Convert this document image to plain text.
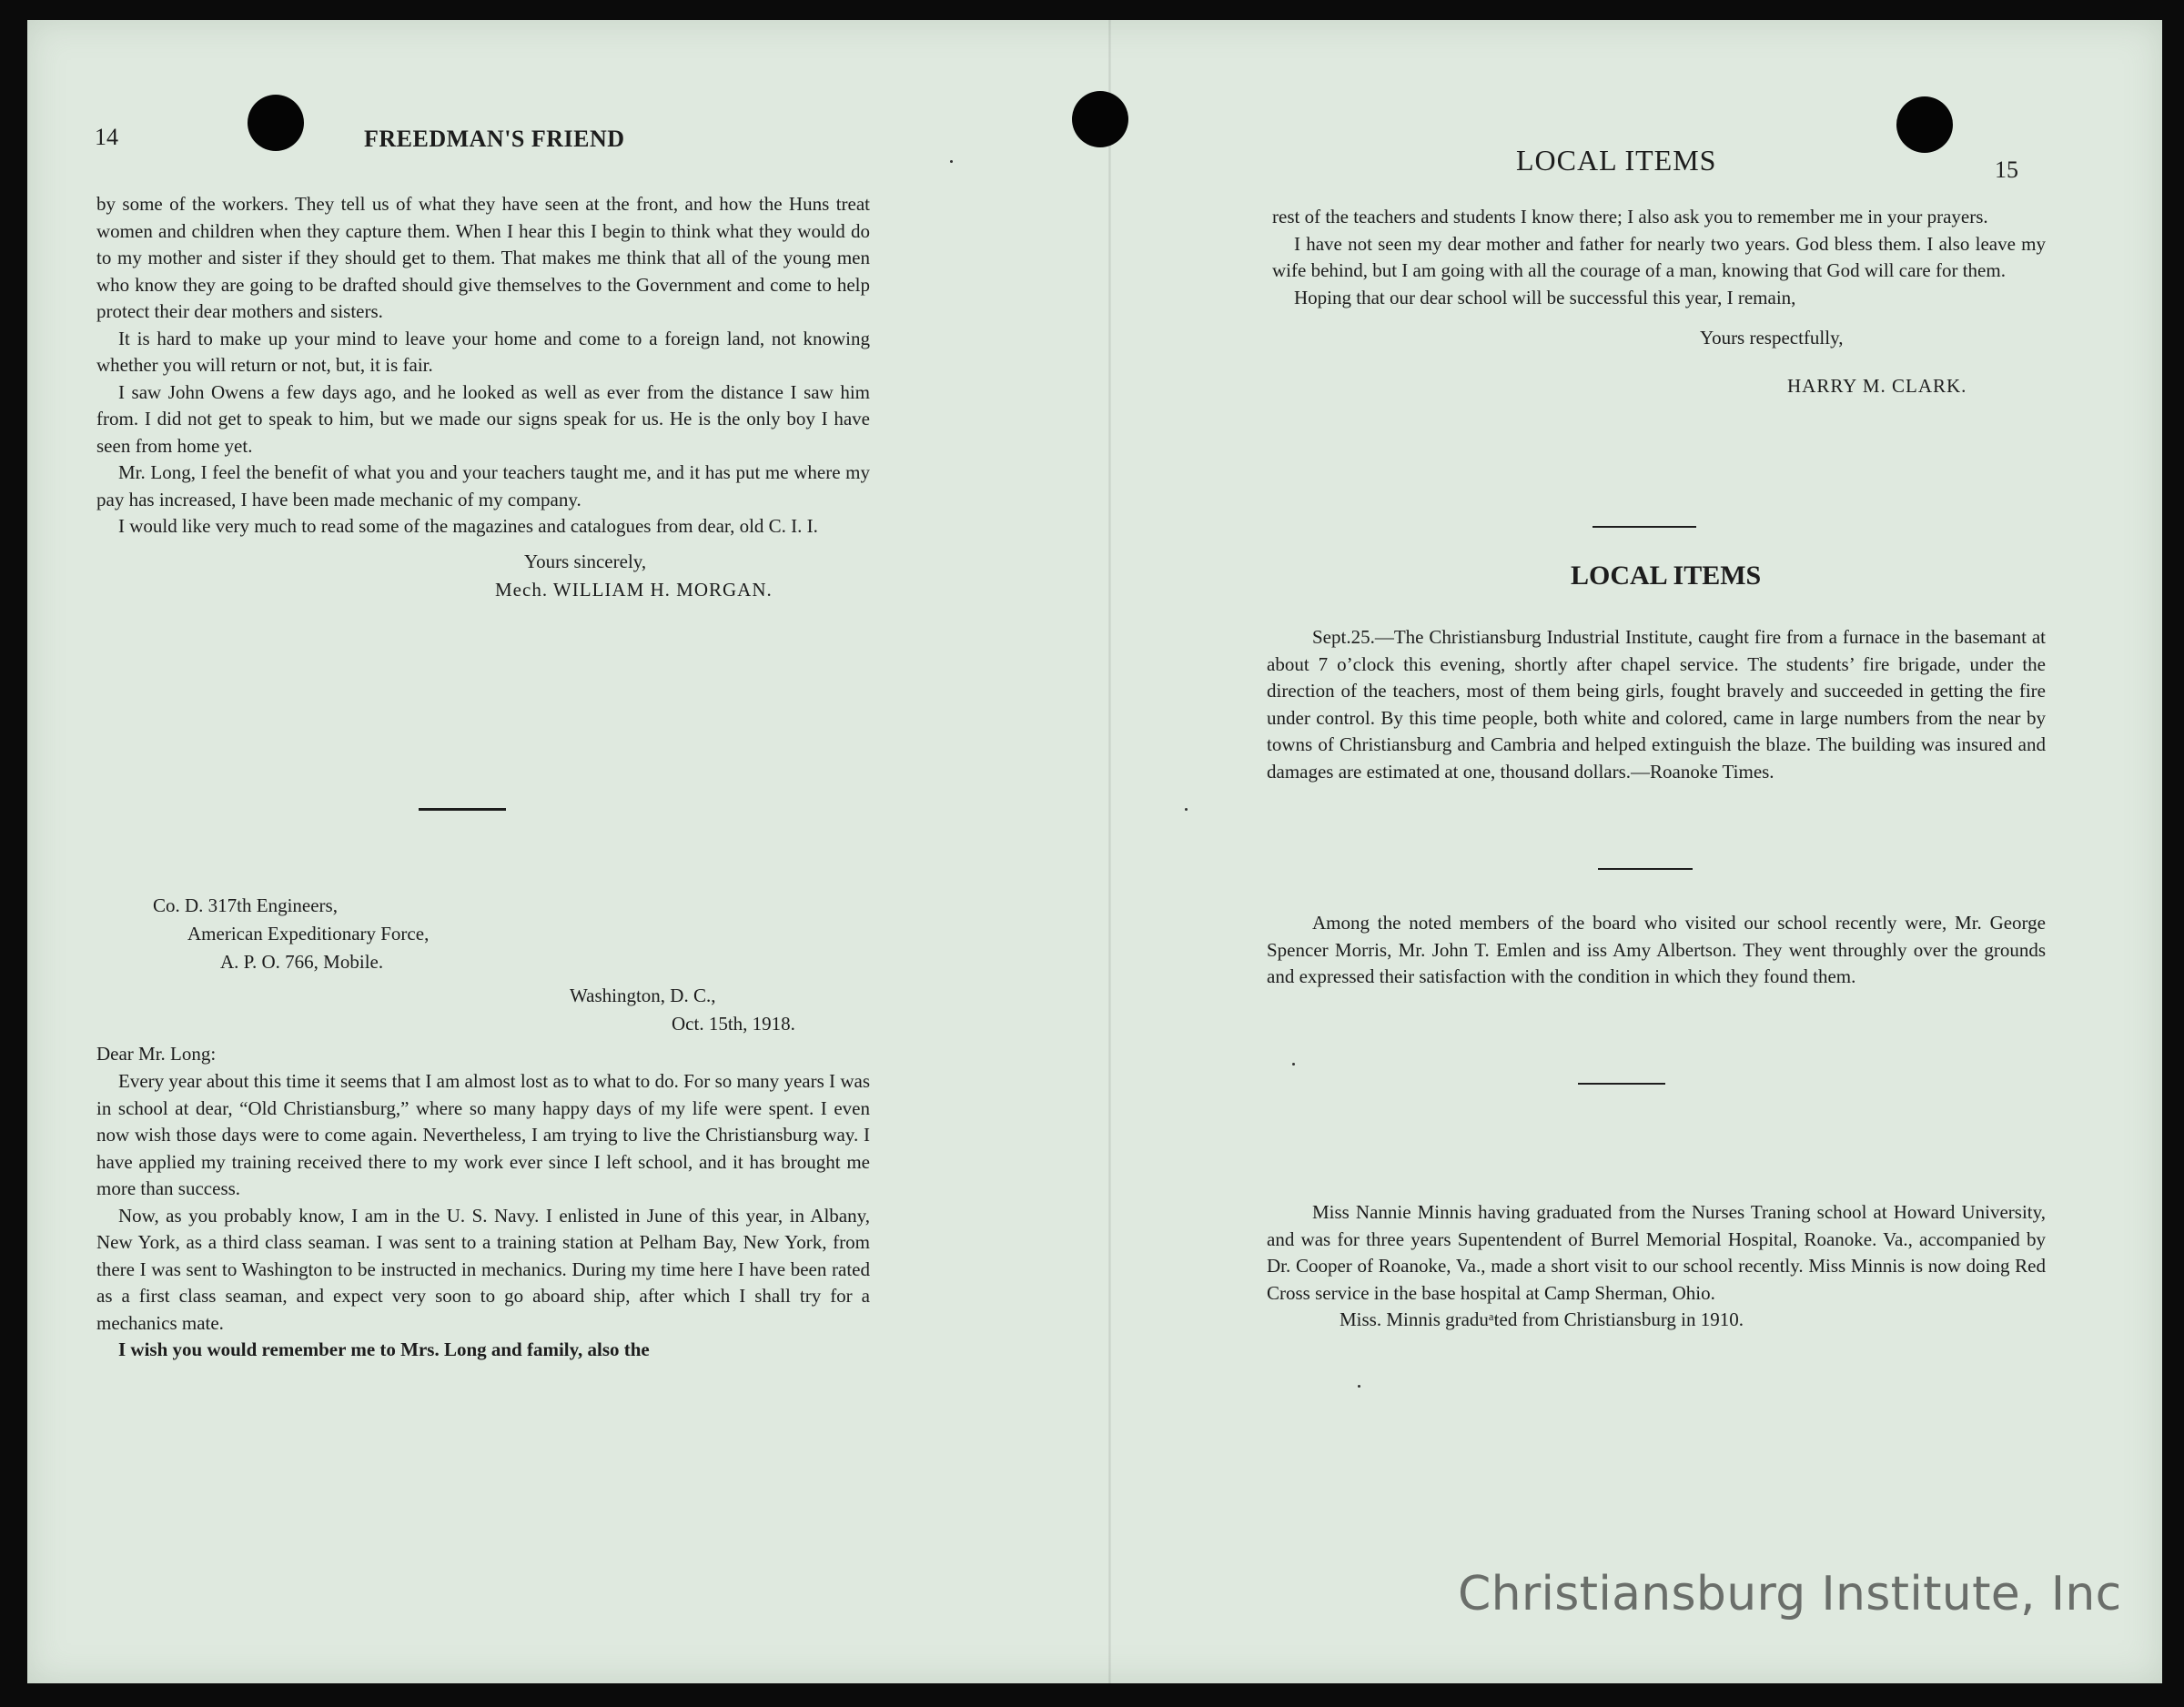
14	FREEDMAN'S FRIEND

by some of the workers. They tell us of what they have seen at the front, and how the Huns treat women and children when they capture them. When I hear this I begin to think what they would do to my mother and sister if they should get to them. That makes me think that all of the young men who know they are going to be drafted should give themselves to the Government and come to help protect their dear mothers and sisters.

It is hard to make up your mind to leave your home and come to a foreign land, not knowing whether you will return or not, but, it is fair.

I saw John Owens a few days ago, and he looked as well as ever from the distance I saw him from. I did not get to speak to him, but we made our signs speak for us. He is the only boy I have seen from home yet.

Mr. Long, I feel the benefit of what you and your teachers taught me, and it has put me where my pay has increased, I have been made mechanic of my company.

I would like very much to read some of the magazines and catalogues from dear, old C. I. I.

Yours sincerely,
Mech. WILLIAM H. MORGAN.
Co. D. 317th Engineers,
American Expeditionary Force,
A. P. O. 766, Mobile.
Washington, D. C.,
Oct. 15th, 1918.
Dear Mr. Long:

Every year about this time it seems that I am almost lost as to what to do. For so many years I was in school at dear, “Old Christiansburg,” where so many happy days of my life were spent. I even now wish those days were to come again. Nevertheless, I am trying to live the Christiansburg way. I have applied my training received there to my work ever since I left school, and it has brought me more than success.

Now, as you probably know, I am in the U. S. Navy. I enlisted in June of this year, in Albany, New York, as a third class seaman. I was sent to a training station at Pelham Bay, New York, from there I was sent to Washington to be instructed in mechanics. During my time here I have been rated as a first class seaman, and expect very soon to go aboard ship, after which I shall try for a mechanics mate.

I wish you would remember me to Mrs. Long and family, also the

LOCAL ITEMS	15

rest of the teachers and students I know there; I also ask you to remember me in your prayers.

I have not seen my dear mother and father for nearly two years. God bless them. I also leave my wife behind, but I am going with all the courage of a man, knowing that God will care for them.

Hoping that our dear school will be successful this year, I remain,

Yours respectfully,
HARRY M. CLARK.
LOCAL ITEMS

Sept.25.—The Christiansburg Industrial Institute, caught fire from a furnace in the basemant at about 7 o’clock this evening, shortly after chapel service. The students’ fire brigade, under the direction of the teachers, most of them being girls, fought bravely and succeeded in getting the fire under control. By this time people, both white and colored, came in large numbers from the near by towns of Christiansburg and Cambria and helped extinguish the blaze. The building was insured and damages are estimated at one, thousand dollars.—Roanoke Times.

Among the noted members of the board who visited our school recently were, Mr. George Spencer Morris, Mr. John T. Emlen and iss Amy Albertson. They went throughly over the grounds and expressed their satisfaction with the condition in which they found them.

Miss Nannie Minnis having graduated from the Nurses Traning school at Howard University, and was for three years Supentendent of Burrel Memorial Hospital, Roanoke. Va., accompanied by Dr. Cooper of Roanoke, Va., made a short visit to our school recently. Miss Minnis is now doing Red Cross service in the base hospital at Camp Sherman, Ohio.

Miss. Minnis graduᵃted from Christiansburg in 1910.

Christiansburg Institute, Inc
